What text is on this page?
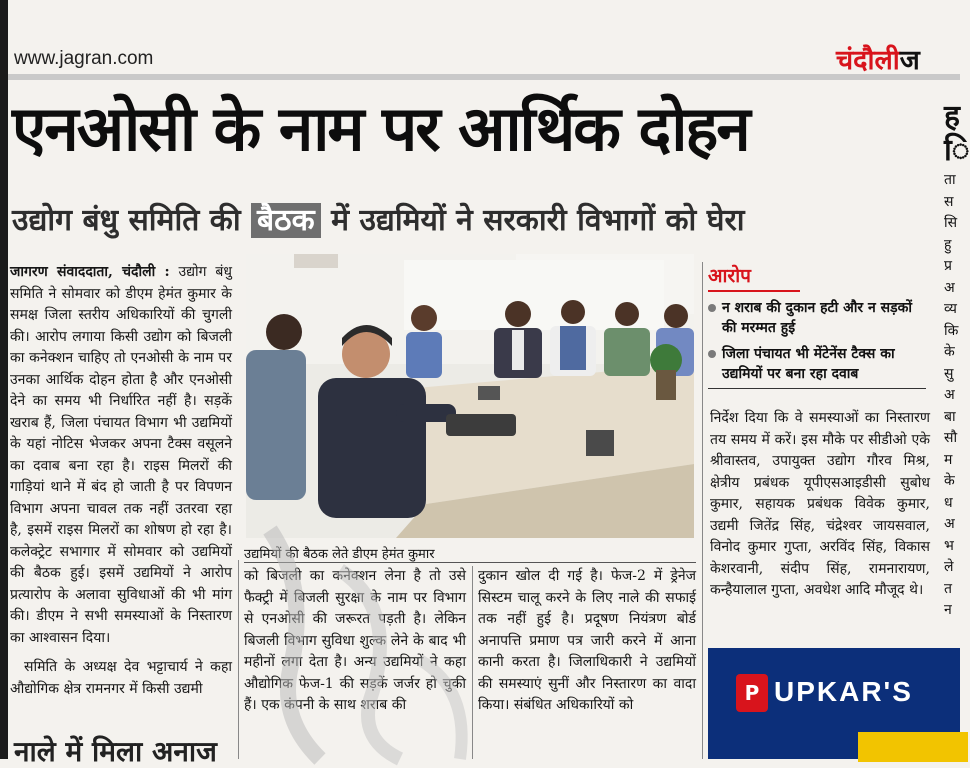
www.jagran.com	चंदौलीज
एनओसी के नाम पर आर्थिक दोहन
उद्योग बंधु समिति की बैठक में उद्यमियों ने सरकारी विभागों को घेरा

जागरण संवाददाता, चंदौली : उद्योग बंधु समिति ने सोमवार को डीएम हेमंत कुमार के समक्ष जिला स्तरीय अधिकारियों की चुगली की। आरोप लगाया किसी उद्योग को बिजली का कनेक्शन चाहिए तो एनओसी के नाम पर उनका आर्थिक दोहन होता है और एनओसी देने का समय भी निर्धारित नहीं है। सड़कें खराब हैं, जिला पंचायत विभाग भी उद्यमियों के यहां नोटिस भेजकर अपना टैक्स वसूलने का दवाब बना रहा है। राइस मिलरों की गाड़ियां थाने में बंद हो जाती है पर विपणन विभाग अपना चावल तक नहीं उतरवा रहा है, इसमें राइस मिलरों का शोषण हो रहा है। कलेक्ट्रेट सभागार में सोमवार को उद्यमियों की बैठक हुई। इसमें उद्यमियों ने आरोप प्रत्यारोप के अलावा सुविधाओं की भी मांग की। डीएम ने सभी समस्याओं के निस्तारण का आश्वासन दिया।

समिति के अध्यक्ष देव भट्टाचार्य ने कहा औद्योगिक क्षेत्र रामनगर में किसी उद्यमी

उद्यमियों की बैठक लेते डीएम हेमंत कुमार

को बिजली का कनेक्शन लेना है तो उसे फैक्ट्री में बिजली सुरक्षा के नाम पर विभाग से एनओसी की जरूरत पड़ती है। लेकिन बिजली विभाग सुविधा शुल्क लेने के बाद भी महीनों लगा देता है। अन्य उद्यमियों ने कहा औद्योगिक फेज-1 की सड़कें जर्जर हो चुकी हैं। एक कंपनी के साथ शराब की

दुकान खोल दी गई है। फेज-2 में ड्रेनेज सिस्टम चालू करने के लिए नाले की सफाई तक नहीं हुई है। प्रदूषण नियंत्रण बोर्ड अनापत्ति प्रमाण पत्र जारी करने में आना कानी करता है। जिलाधिकारी ने उद्यमियों की समस्याएं सुनीं और निस्तारण का वादा किया। संबंधित अधिकारियों को

आरोप
न शराब की दुकान हटी और न सड़कों की मरम्मत हुई
जिला पंचायत भी मेंटेनेंस टैक्स का उद्यमियों पर बना रहा दवाब

निर्देश दिया कि वे समस्याओं का निस्तारण तय समय में करें। इस मौके पर सीडीओ एके श्रीवास्तव, उपायुक्त उद्योग गौरव मिश्र, क्षेत्रीय प्रबंधक यूपीएसआइडीसी सुबोध कुमार, सहायक प्रबंधक विवेक कुमार, उद्यमी जितेंद्र सिंह, चंद्रेश्वर जायसवाल, विनोद कुमार गुप्ता, अरविंद सिंह, विकास केशरवानी, संदीप सिंह, रामनारायण, कन्हैयालाल गुप्ता, अवधेश आदि मौजूद थे।

ह
ि
ता
स
सि
हु
प्र
अ
व्य
कि
के
सु
अ
बा
सौ
म
के
ध
अ
भ
ले
त
न
P UPKAR'S
नाले में मिला अनाज
